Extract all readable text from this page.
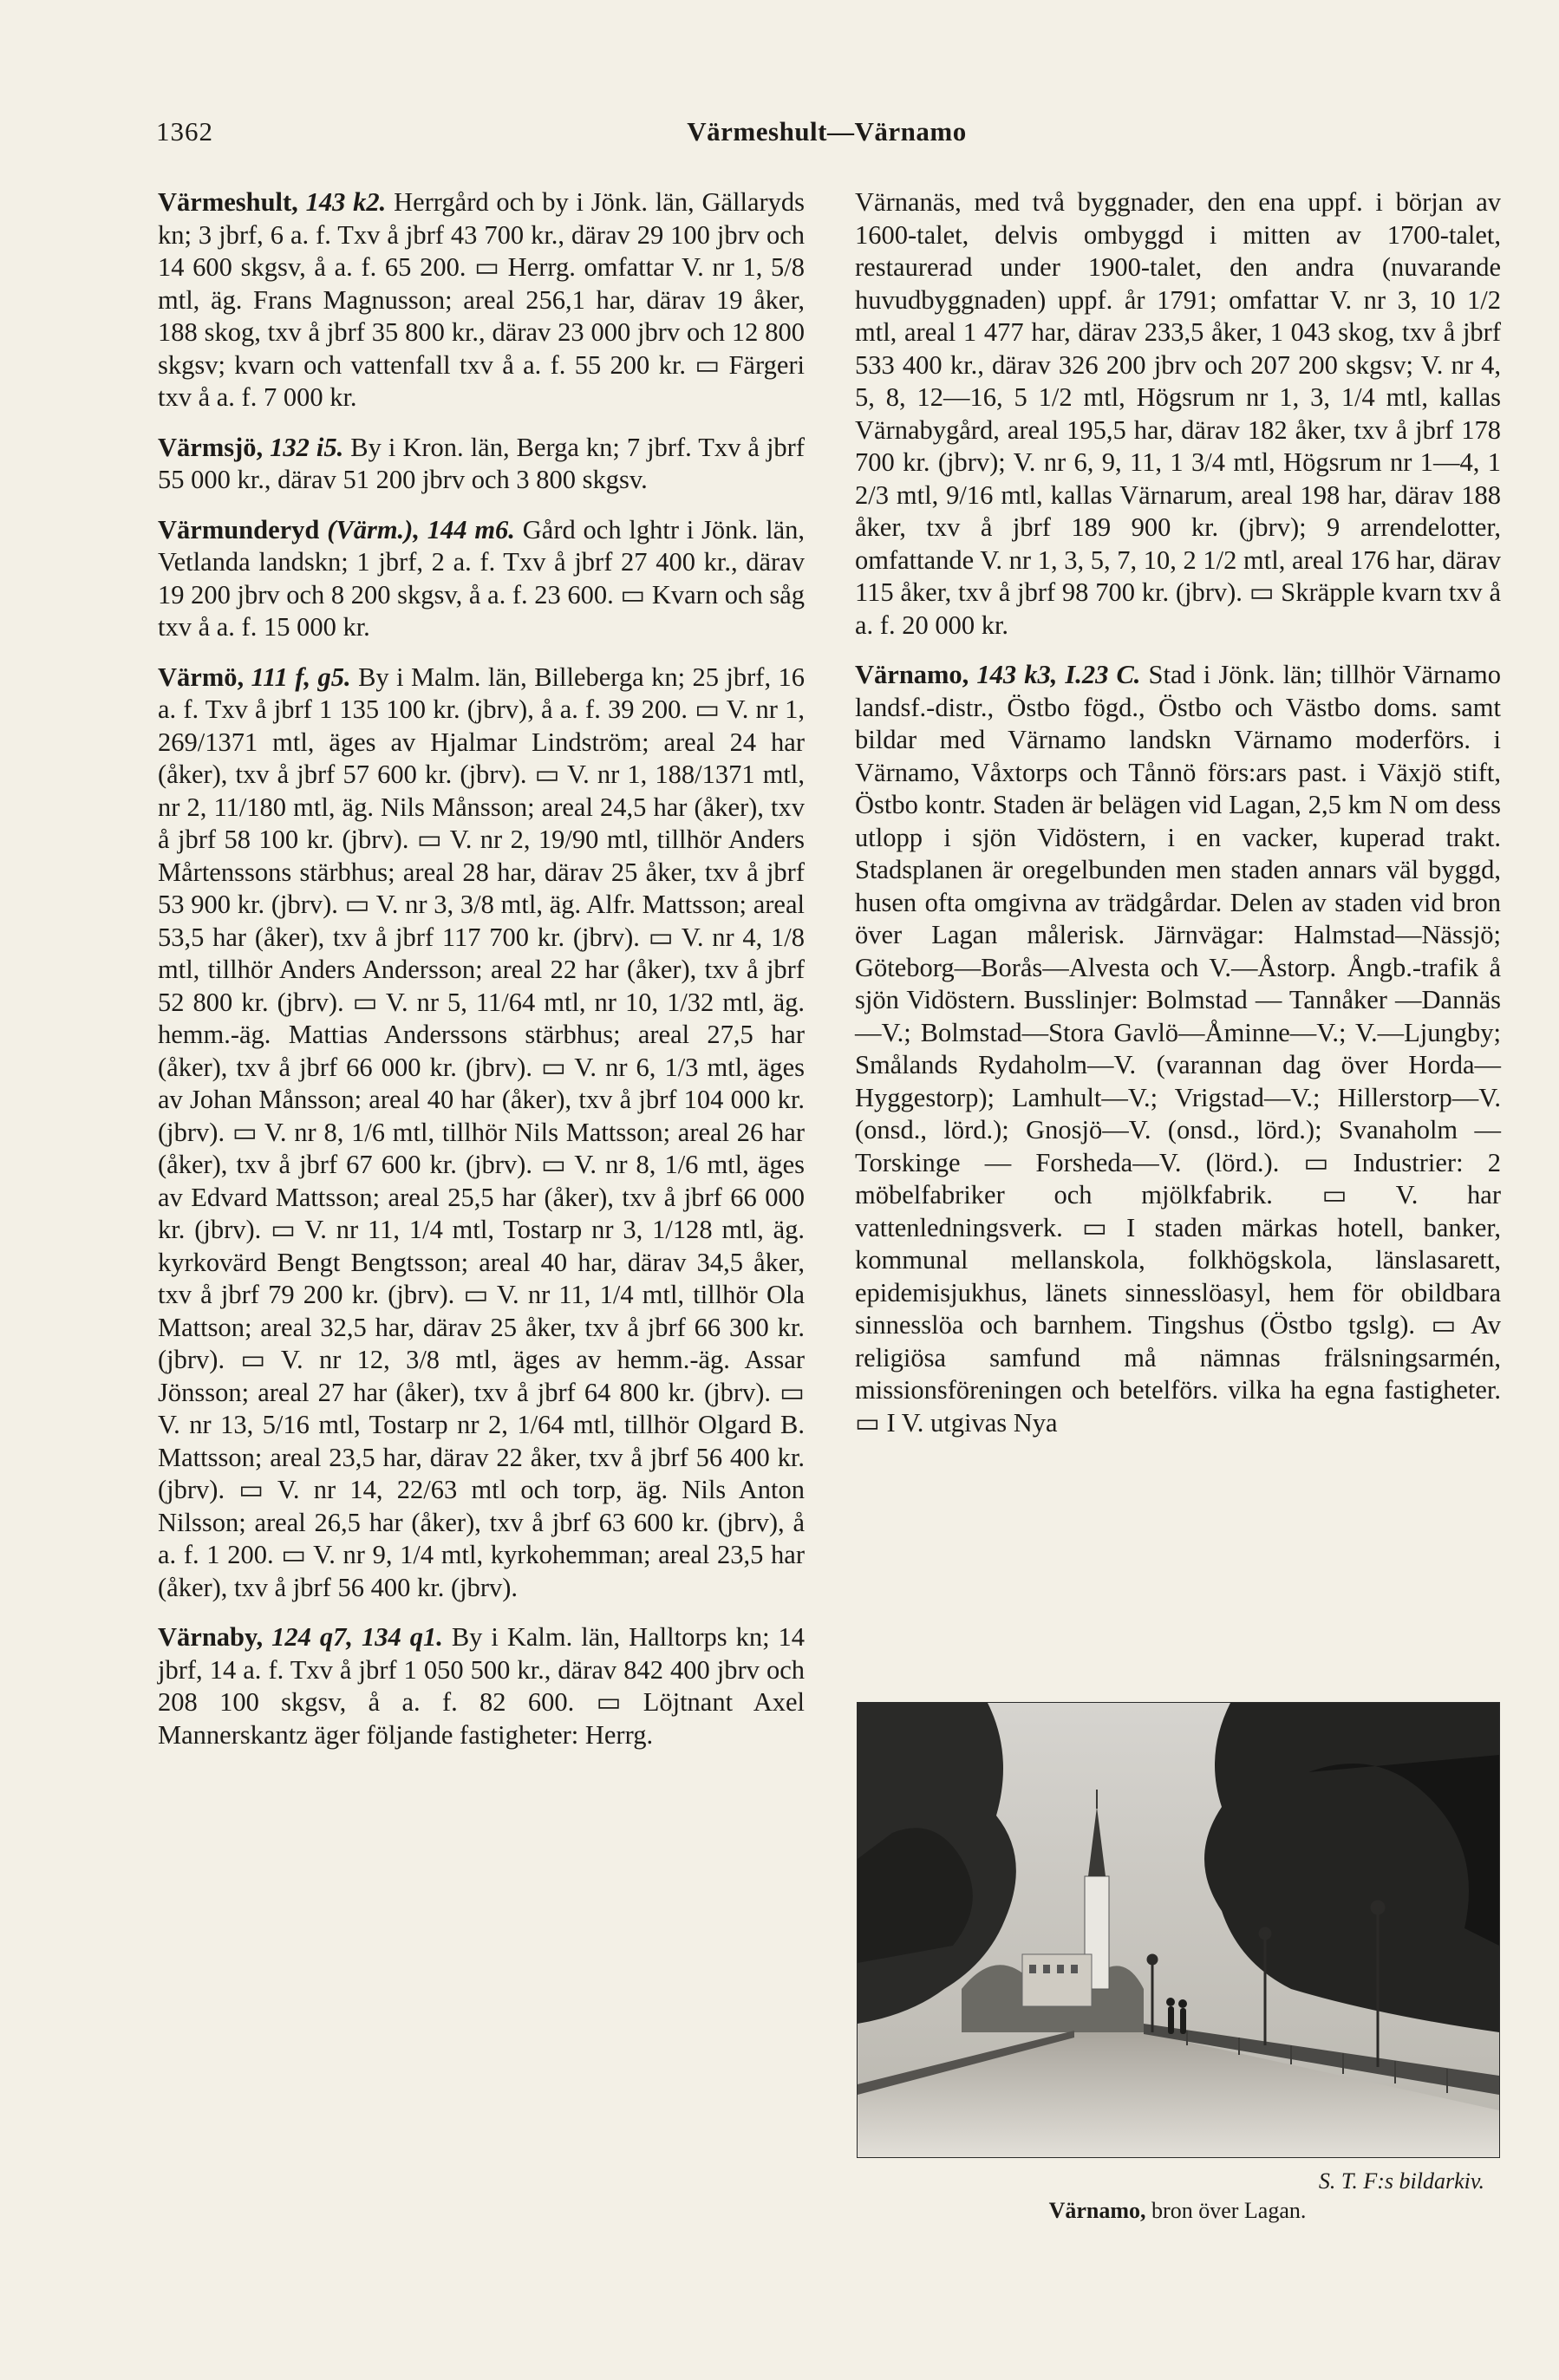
1362	Värmeshult—Värnamo

Värmeshult, 143 k2. Herrgård och by i Jönk. län, Gällaryds kn; 3 jbrf, 6 a. f. Txv å jbrf 43 700 kr., därav 29 100 jbrv och 14 600 skgsv, å a. f. 65 200. ▭ Herrg. omfattar V. nr 1, 5/8 mtl, äg. Frans Magnusson; areal 256,1 har, därav 19 åker, 188 skog, txv å jbrf 35 800 kr., därav 23 000 jbrv och 12 800 skgsv; kvarn och vattenfall txv å a. f. 55 200 kr. ▭ Färgeri txv å a. f. 7 000 kr.

Värmsjö, 132 i5. By i Kron. län, Berga kn; 7 jbrf. Txv å jbrf 55 000 kr., därav 51 200 jbrv och 3 800 skgsv.

Värmunderyd (Värm.), 144 m6. Gård och lghtr i Jönk. län, Vetlanda landskn; 1 jbrf, 2 a. f. Txv å jbrf 27 400 kr., därav 19 200 jbrv och 8 200 skgsv, å a. f. 23 600. ▭ Kvarn och såg txv å a. f. 15 000 kr.

Värmö, 111 f, g5. By i Malm. län, Billeberga kn; 25 jbrf, 16 a. f. Txv å jbrf 1 135 100 kr. (jbrv), å a. f. 39 200. ▭ V. nr 1, 269/1371 mtl, äges av Hjalmar Lindström; areal 24 har (åker), txv å jbrf 57 600 kr. (jbrv). ▭ V. nr 1, 188/1371 mtl, nr 2, 11/180 mtl, äg. Nils Månsson; areal 24,5 har (åker), txv å jbrf 58 100 kr. (jbrv). ▭ V. nr 2, 19/90 mtl, tillhör Anders Mårtenssons stärbhus; areal 28 har, därav 25 åker, txv å jbrf 53 900 kr. (jbrv). ▭ V. nr 3, 3/8 mtl, äg. Alfr. Mattsson; areal 53,5 har (åker), txv å jbrf 117 700 kr. (jbrv). ▭ V. nr 4, 1/8 mtl, tillhör Anders Andersson; areal 22 har (åker), txv å jbrf 52 800 kr. (jbrv). ▭ V. nr 5, 11/64 mtl, nr 10, 1/32 mtl, äg. hemm.-äg. Mattias Anderssons stärbhus; areal 27,5 har (åker), txv å jbrf 66 000 kr. (jbrv). ▭ V. nr 6, 1/3 mtl, äges av Johan Månsson; areal 40 har (åker), txv å jbrf 104 000 kr. (jbrv). ▭ V. nr 8, 1/6 mtl, tillhör Nils Mattsson; areal 26 har (åker), txv å jbrf 67 600 kr. (jbrv). ▭ V. nr 8, 1/6 mtl, äges av Edvard Mattsson; areal 25,5 har (åker), txv å jbrf 66 000 kr. (jbrv). ▭ V. nr 11, 1/4 mtl, Tostarp nr 3, 1/128 mtl, äg. kyrkovärd Bengt Bengtsson; areal 40 har, därav 34,5 åker, txv å jbrf 79 200 kr. (jbrv). ▭ V. nr 11, 1/4 mtl, tillhör Ola Mattson; areal 32,5 har, därav 25 åker, txv å jbrf 66 300 kr. (jbrv). ▭ V. nr 12, 3/8 mtl, äges av hemm.-äg. Assar Jönsson; areal 27 har (åker), txv å jbrf 64 800 kr. (jbrv). ▭ V. nr 13, 5/16 mtl, Tostarp nr 2, 1/64 mtl, tillhör Olgard B. Mattsson; areal 23,5 har, därav 22 åker, txv å jbrf 56 400 kr. (jbrv). ▭ V. nr 14, 22/63 mtl och torp, äg. Nils Anton Nilsson; areal 26,5 har (åker), txv å jbrf 63 600 kr. (jbrv), å a. f. 1 200. ▭ V. nr 9, 1/4 mtl, kyrkohemman; areal 23,5 har (åker), txv å jbrf 56 400 kr. (jbrv).

Värnaby, 124 q7, 134 q1. By i Kalm. län, Halltorps kn; 14 jbrf, 14 a. f. Txv å jbrf 1 050 500 kr., därav 842 400 jbrv och 208 100 skgsv, å a. f. 82 600. ▭ Löjtnant Axel Mannerskantz äger följande fastigheter: Herrg.

Värnanäs, med två byggnader, den ena uppf. i början av 1600-talet, delvis ombyggd i mitten av 1700-talet, restaurerad under 1900-talet, den andra (nuvarande huvudbyggnaden) uppf. år 1791; omfattar V. nr 3, 10 1/2 mtl, areal 1 477 har, därav 233,5 åker, 1 043 skog, txv å jbrf 533 400 kr., därav 326 200 jbrv och 207 200 skgsv; V. nr 4, 5, 8, 12—16, 5 1/2 mtl, Högsrum nr 1, 3, 1/4 mtl, kallas Värnabygård, areal 195,5 har, därav 182 åker, txv å jbrf 178 700 kr. (jbrv); V. nr 6, 9, 11, 1 3/4 mtl, Högsrum nr 1—4, 1 2/3 mtl, 9/16 mtl, kallas Värnarum, areal 198 har, därav 188 åker, txv å jbrf 189 900 kr. (jbrv); 9 arrendelotter, omfattande V. nr 1, 3, 5, 7, 10, 2 1/2 mtl, areal 176 har, därav 115 åker, txv å jbrf 98 700 kr. (jbrv). ▭ Skräpple kvarn txv å a. f. 20 000 kr.

Värnamo, 143 k3, I.23 C. Stad i Jönk. län; tillhör Värnamo landsf.-distr., Östbo fögd., Östbo och Västbo doms. samt bildar med Värnamo landskn Värnamo moderförs. i Värnamo, Våxtorps och Tånnö förs:ars past. i Växjö stift, Östbo kontr. Staden är belägen vid Lagan, 2,5 km N om dess utlopp i sjön Vidöstern, i en vacker, kuperad trakt. Stadsplanen är oregelbunden men staden annars väl byggd, husen ofta omgivna av trädgårdar. Delen av staden vid bron över Lagan målerisk. Järnvägar: Halmstad—Nässjö; Göteborg—Borås—Alvesta och V.—Åstorp. Ångb.-trafik å sjön Vidöstern. Busslinjer: Bolmstad — Tannåker —Dannäs—V.; Bolmstad—Stora Gavlö—Åminne—V.; V.—Ljungby; Smålands Rydaholm—V. (varannan dag över Horda—Hyggestorp); Lamhult—V.; Vrigstad—V.; Hillerstorp—V. (onsd., lörd.); Gnosjö—V. (onsd., lörd.); Svanaholm — Torskinge — Forsheda—V. (lörd.). ▭ Industrier: 2 möbelfabriker och mjölkfabrik. ▭ V. har vattenledningsverk. ▭ I staden märkas hotell, banker, kommunal mellanskola, folkhögskola, länslasarett, epidemisjukhus, länets sinnesslöasyl, hem för obildbara sinnesslöa och barnhem. Tingshus (Östbo tgslg). ▭ Av religiösa samfund må nämnas frälsningsarmén, missionsföreningen och betelförs. vilka ha egna fastigheter. ▭ I V. utgivas Nya

S. T. F:s bildarkiv.
Värnamo, bron över Lagan.
